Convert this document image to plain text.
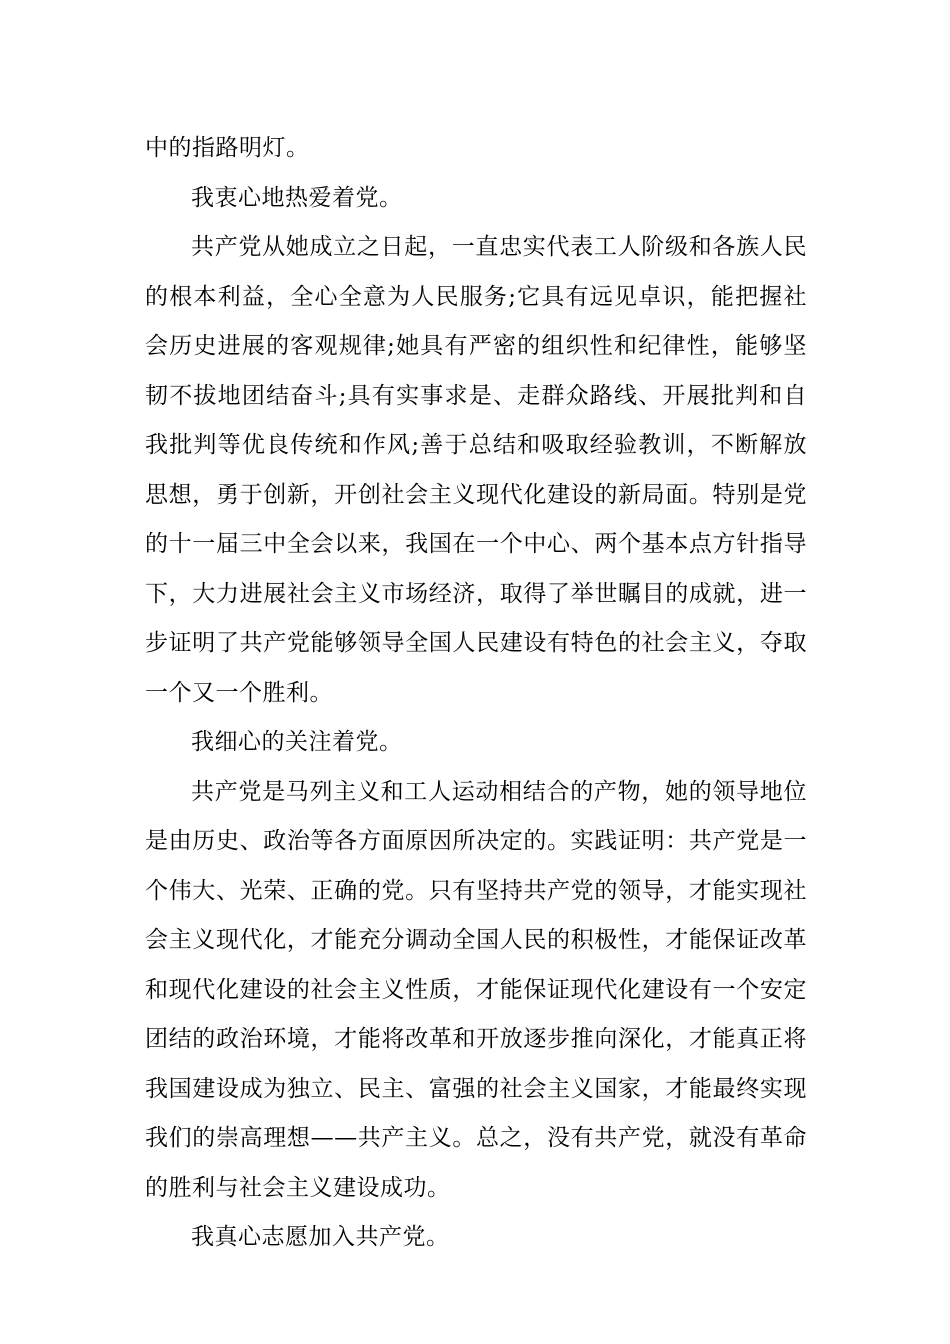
中的指路明灯。

我衷心地热爱着党。

共产党从她成立之日起，一直忠实代表工人阶级和各族人民的根本利益，全心全意为人民服务;它具有远见卓识，能把握社会历史进展的客观规律;她具有严密的组织性和纪律性，能够坚韧不拔地团结奋斗;具有实事求是、走群众路线、开展批判和自我批判等优良传统和作风;善于总结和吸取经验教训，不断解放思想，勇于创新，开创社会主义现代化建设的新局面。特别是党的十一届三中全会以来，我国在一个中心、两个基本点方针指导下，大力进展社会主义市场经济，取得了举世瞩目的成就，进一步证明了共产党能够领导全国人民建设有特色的社会主义，夺取一个又一个胜利。

我细心的关注着党。

共产党是马列主义和工人运动相结合的产物，她的领导地位是由历史、政治等各方面原因所决定的。实践证明：共产党是一个伟大、光荣、正确的党。只有坚持共产党的领导，才能实现社会主义现代化，才能充分调动全国人民的积极性，才能保证改革和现代化建设的社会主义性质，才能保证现代化建设有一个安定团结的政治环境，才能将改革和开放逐步推向深化，才能真正将我国建设成为独立、民主、富强的社会主义国家，才能最终实现我们的崇高理想——共产主义。总之，没有共产党，就没有革命的胜利与社会主义建设成功。

我真心志愿加入共产党。
